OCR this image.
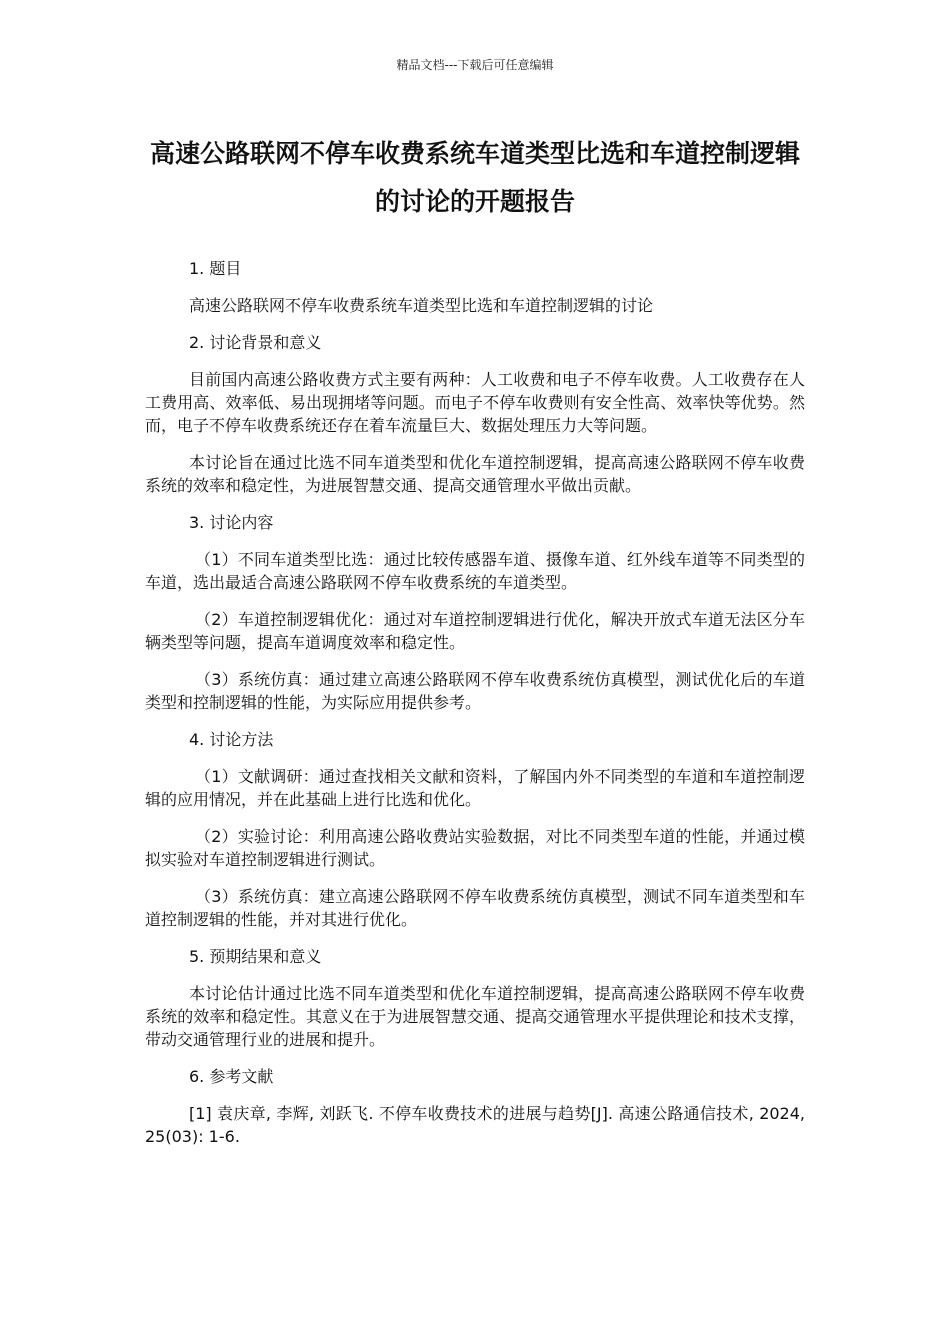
精品文档---下载后可任意编辑
高速公路联网不停车收费系统车道类型比选和车道控制逻辑的讨论的开题报告
1. 题目
高速公路联网不停车收费系统车道类型比选和车道控制逻辑的讨论
2. 讨论背景和意义
目前国内高速公路收费方式主要有两种：人工收费和电子不停车收费。人工收费存在人工费用高、效率低、易出现拥堵等问题。而电子不停车收费则有安全性高、效率快等优势。然而，电子不停车收费系统还存在着车流量巨大、数据处理压力大等问题。
本讨论旨在通过比选不同车道类型和优化车道控制逻辑，提高高速公路联网不停车收费系统的效率和稳定性，为进展智慧交通、提高交通管理水平做出贡献。
3. 讨论内容
（1）不同车道类型比选：通过比较传感器车道、摄像车道、红外线车道等不同类型的车道，选出最适合高速公路联网不停车收费系统的车道类型。
（2）车道控制逻辑优化：通过对车道控制逻辑进行优化，解决开放式车道无法区分车辆类型等问题，提高车道调度效率和稳定性。
（3）系统仿真：通过建立高速公路联网不停车收费系统仿真模型，测试优化后的车道类型和控制逻辑的性能，为实际应用提供参考。
4. 讨论方法
（1）文献调研：通过查找相关文献和资料，了解国内外不同类型的车道和车道控制逻辑的应用情况，并在此基础上进行比选和优化。
（2）实验讨论：利用高速公路收费站实验数据，对比不同类型车道的性能，并通过模拟实验对车道控制逻辑进行测试。
（3）系统仿真：建立高速公路联网不停车收费系统仿真模型，测试不同车道类型和车道控制逻辑的性能，并对其进行优化。
5. 预期结果和意义
本讨论估计通过比选不同车道类型和优化车道控制逻辑，提高高速公路联网不停车收费系统的效率和稳定性。其意义在于为进展智慧交通、提高交通管理水平提供理论和技术支撑，带动交通管理行业的进展和提升。
6. 参考文献
[1] 袁庆章, 李辉, 刘跃飞. 不停车收费技术的进展与趋势[J]. 高速公路通信技术, 2024, 25(03): 1-6.
